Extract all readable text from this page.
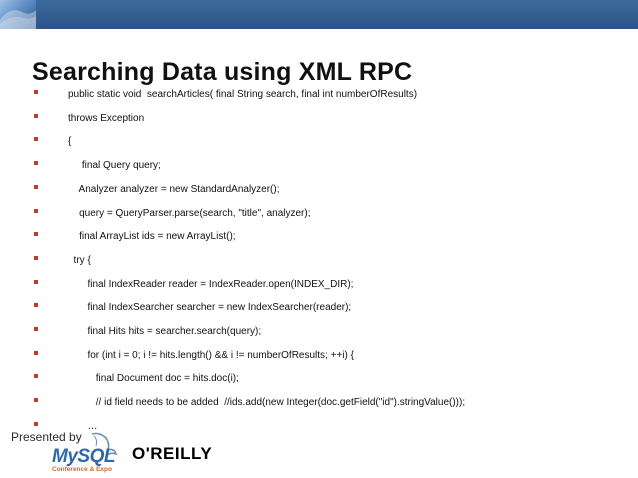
Searching Data using XML RPC
public static void  searchArticles( final String search, final int numberOfResults)
throws Exception
{
final Query query;
Analyzer analyzer = new StandardAnalyzer();
query = QueryParser.parse(search, "title", analyzer);
final ArrayList ids = new ArrayList();
try {
final IndexReader reader = IndexReader.open(INDEX_DIR);
final IndexSearcher searcher = new IndexSearcher(reader);
final Hits hits = searcher.search(query);
for (int i = 0; i != hits.length() && i != numberOfResults; ++i) {
final Document doc = hits.doc(i);
// id field needs to be added  //ids.add(new Integer(doc.getField("id").stringValue()));
…
Presented by
MySQL
Conference & Expo
O'REILLY
